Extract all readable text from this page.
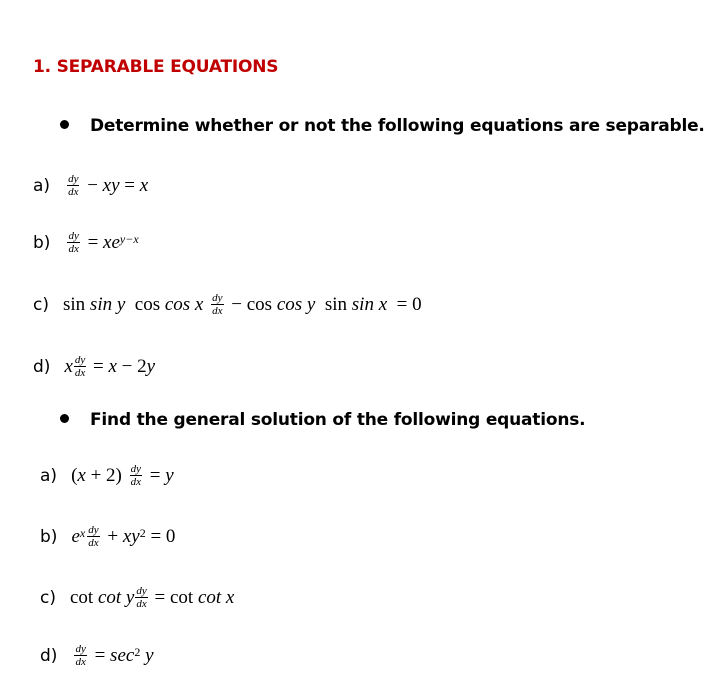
1. SEPARABLE EQUATIONS
Determine whether or not the following equations are separable.
$a) \frac{dy}{dx}$ − xy = x
$b) \frac{dy}{dx} = xe^{y-x}$
c) sin sin y cos cos x
$\frac{dy}{dx} - \cos \cos y$ sin sin x = 0
d) x $\frac{dy}{dx} = x - 2$ y
Find the general solution of the following equations.
a) ( $x + 2) \frac{dy}{dx} = y$
b) $e^x \frac{dy}{dx} + xy^2 = 0$
c) cot cot y $\frac{dy}{dx} = \cot \cot x$
$d) \frac{dy}{dx} = \sec^2$
y
